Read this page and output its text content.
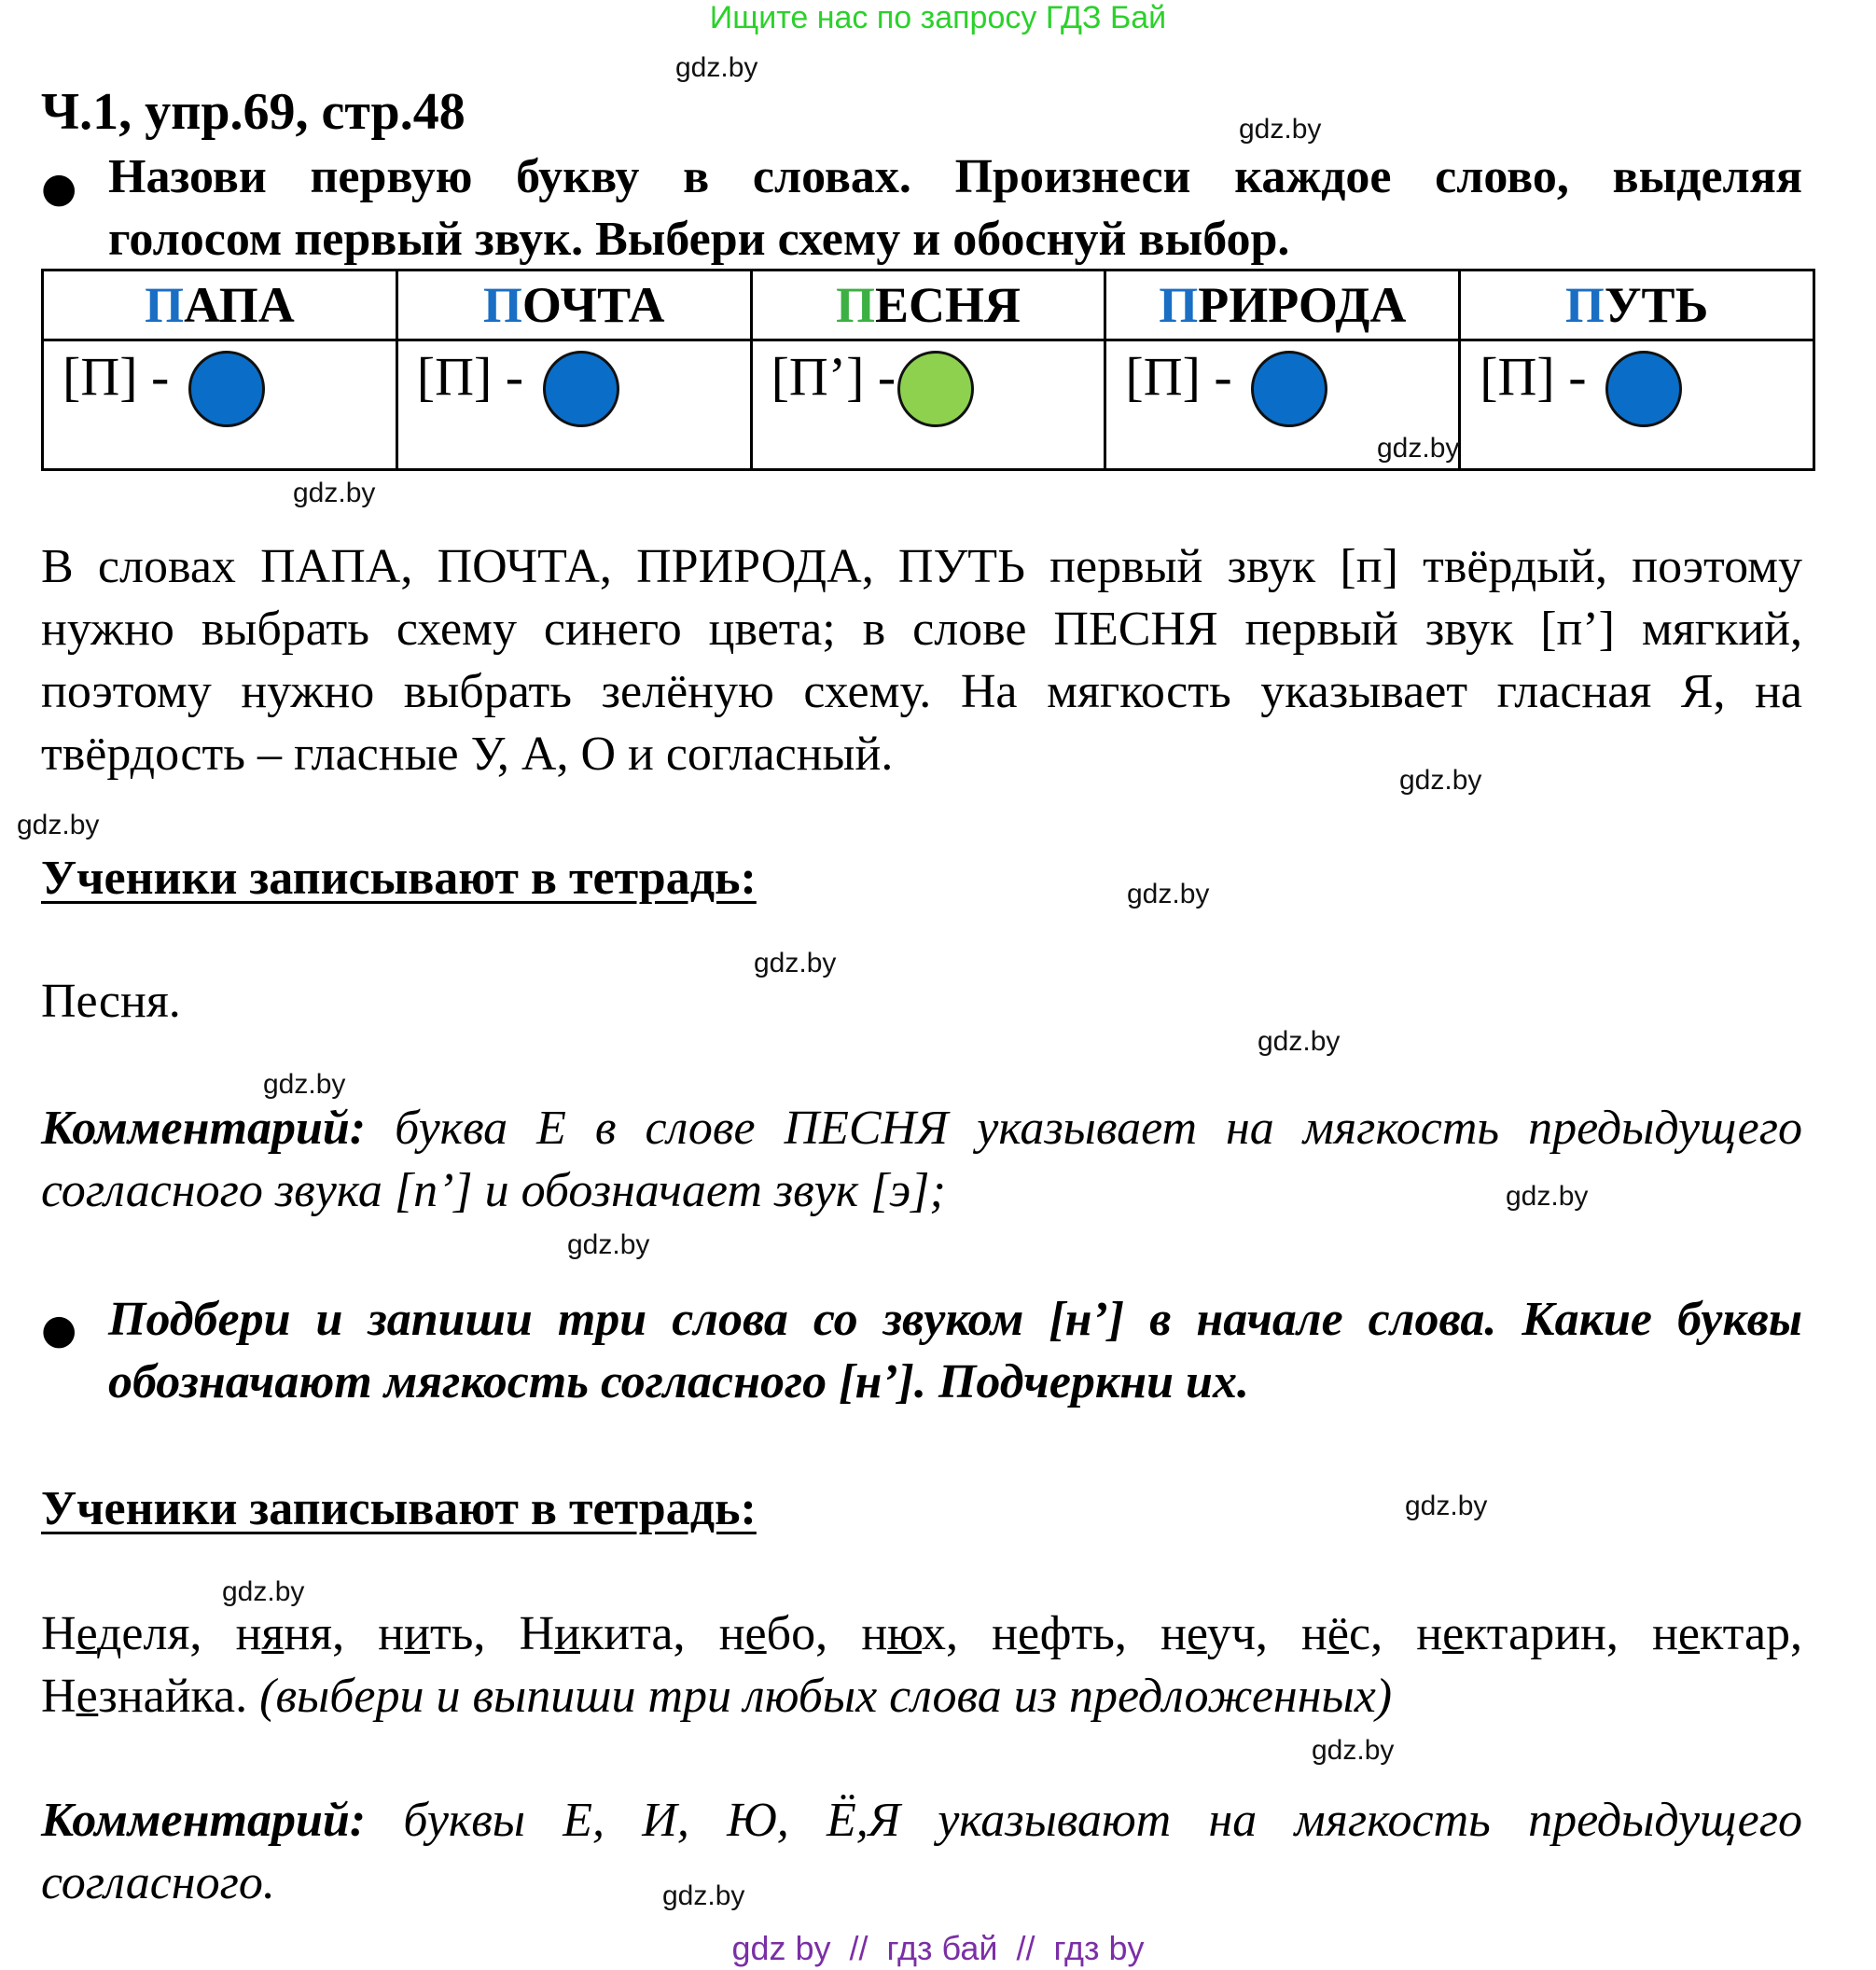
Ищите нас по запросу ГДЗ Бай
Ч.1, упр.69, стр.48
● Назови первую букву в словах. Произнеси каждое слово, выделяя
голосом первый звук. Выбери схему и обоснуй выбор.
ПАПА	ПОЧТА	ПЕСНЯ	ПРИРОДА	ПУТЬ

[П] -	[П] -	[П’] -	[П] -	[П] -
В словах ПАПА, ПОЧТА, ПРИРОДА, ПУТЬ первый звук [п] твёрдый, поэтому нужно выбрать схему синего цвета; в слове ПЕСНЯ первый звук [п’] мягкий, поэтому нужно выбрать зелёную схему. На мягкость указывает гласная Я, на твёрдость – гласные У, А, О и согласный.
Ученики записывают в тетрадь:
Песня.
Комментарий: буква Е в слове ПЕСНЯ указывает на мягкость предыдущего согласного звука [п’] и обозначает звук [э];
● Подбери и запиши три слова со звуком [н’] в начале слова. Какие буквы
обозначают мягкость согласного [н’]. Подчеркни их.
Ученики записывают в тетрадь:
Неделя, няня, нить, Никита, небо, нюх, нефть, неуч, нёс, нектарин, нектар, Незнайка. (выбери и выпиши три любых слова из предложенных)
Комментарий: буквы Е, И, Ю, Ё,Я указывают на мягкость предыдущего согласного.
gdz.by
gdz.by
gdz.by
gdz.by
gdz.by
gdz.by
gdz.by
gdz.by
gdz.by
gdz.by
gdz.by
gdz.by
gdz.by
gdz.by
gdz.by
gdz.by
gdz by  //  гдз бай  //  гдз by
